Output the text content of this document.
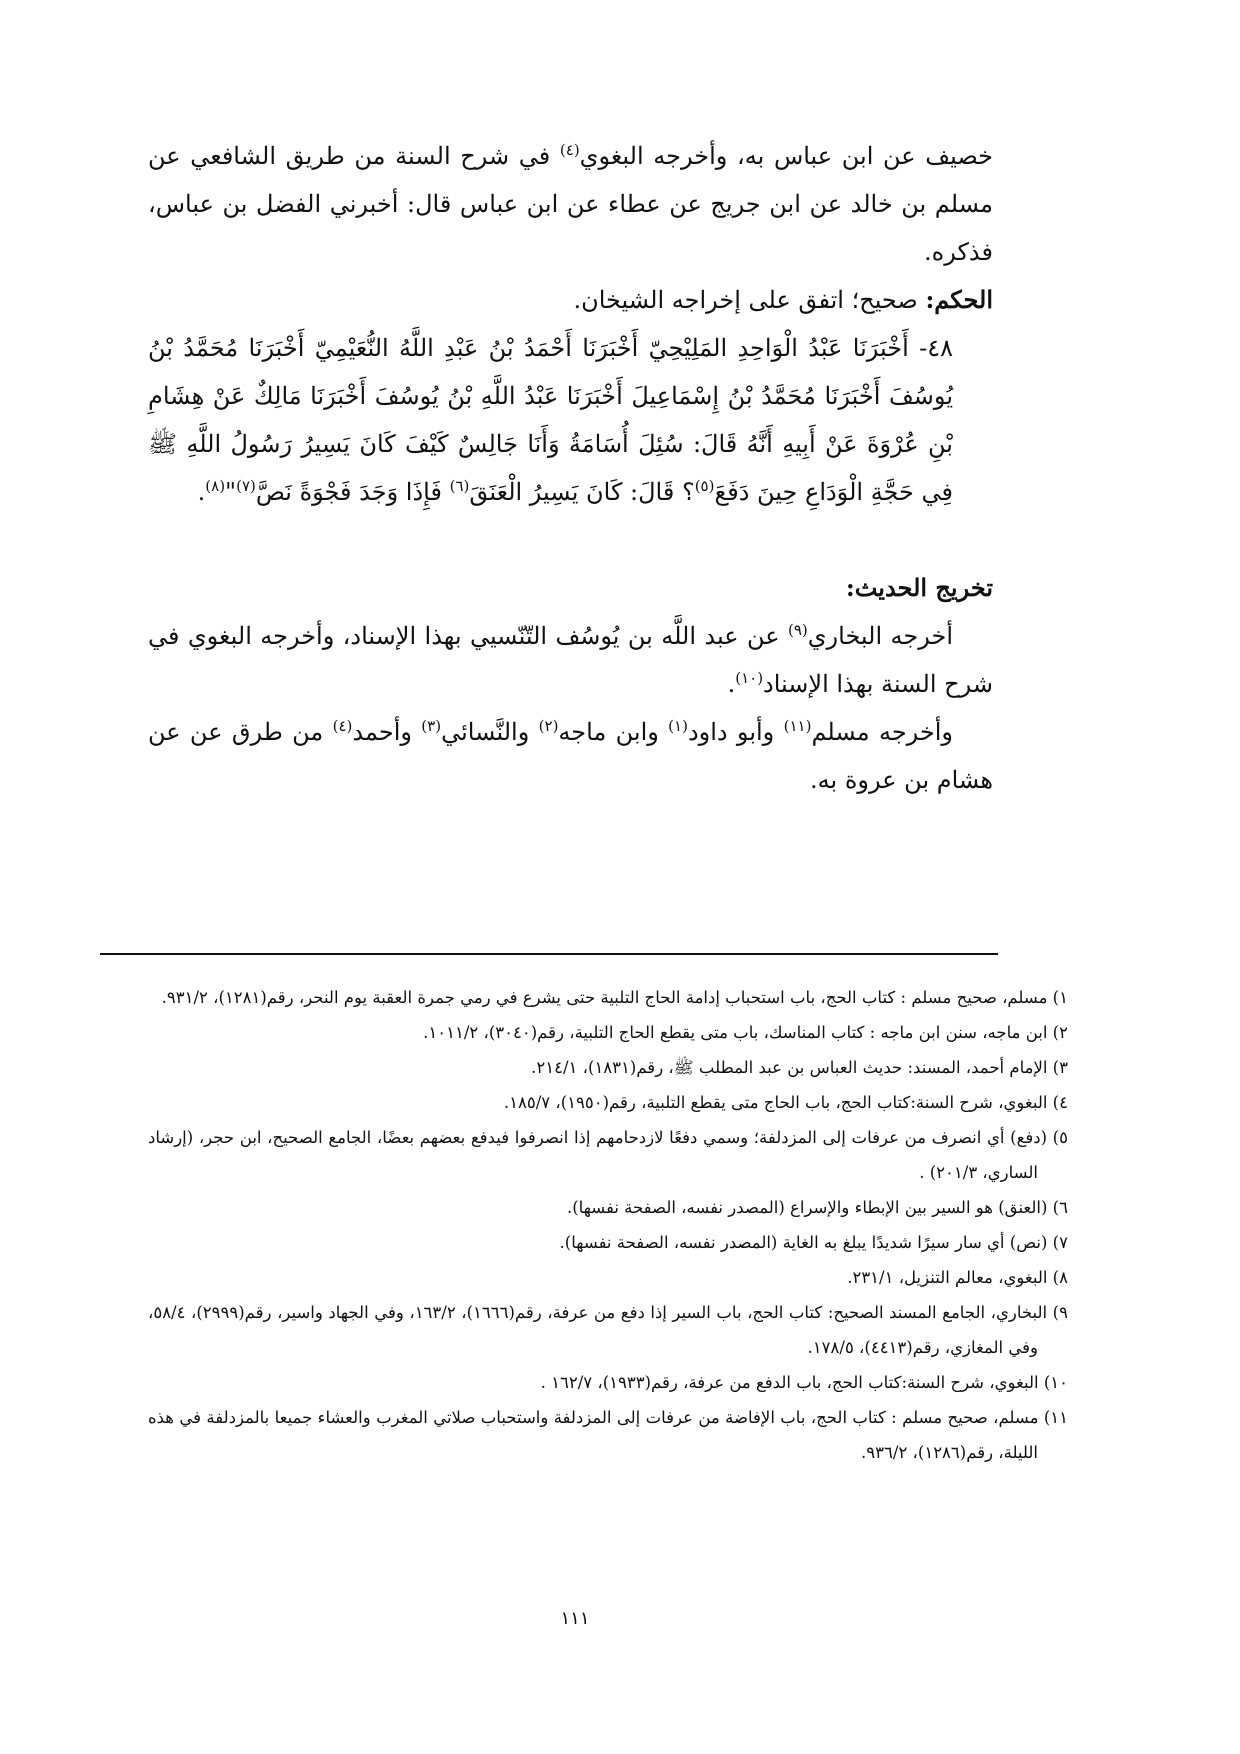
خصيف عن ابن عباس به، وأخرجه البغوي$^{(٤)}$ في شرح السنة من طريق الشافعي عن مسلم بن خالد عن ابن جريج عن عطاء عن ابن عباس قال: أخبرني الفضل بن عباس، فذكره.
الحكم: صحيح؛ اتفق على إخراجه الشيخان.
٤٨- أَخْبَرَنَا عَبْدُ الْوَاحِدِ المَلِيْحِيّ أَخْبَرَنَا أَحْمَدُ بْنُ عَبْدِ اللَّهُ النُّعَيْمِيّ أَخْبَرَنَا مُحَمَّدُ بْنُ يُوسُفَ أَخْبَرَنَا مُحَمَّدُ بْنُ إِسْمَاعِيلَ أَخْبَرَنَا عَبْدُ اللَّهِ بْنُ يُوسُفَ أَخْبَرَنَا مَالِكٌ عَنْ هِشَامِ بْنِ عُرْوَةَ عَنْ أَبِيهِ أَنَّهُ قَالَ: سُئِلَ أُسَامَةُ وَأَنَا جَالِسٌ كَيْفَ كَانَ يَسِيرُ رَسُولُ اللَّهِ ﷺ فِي حَجَّةِ الْوَدَاعِ حِينَ دَفَعَ$^{(٥)}$؟ قَالَ: كَانَ يَسِيرُ الْعَنَقَ$^{(٦)}$ فَإِذَا وَجَدَ فَجْوَةً نَصَّ$^{(٧)}$"$^{(٨)}$.
تخريج الحديث:
أخرجه البخاري$^{(٩)}$ عن عبد اللَّه بن يُوسُف التّنّسيي بهذا الإسناد، وأخرجه البغوي في شرح السنة بهذا الإسناد$^{(١٠)}$.
وأخرجه مسلم$^{(١١)}$ وأبو داود$^{(١)}$ وابن ماجه$^{(٢)}$ والنَّسائي$^{(٣)}$ وأحمد$^{(٤)}$ من طرق عن عن هشام بن عروة به.
١) مسلم، صحيح مسلم : كتاب الحج، باب استحباب إدامة الحاج التلبية حتى يشرع في رمي جمرة العقبة يوم النحر، رقم(١٢٨١)، ٩٣١/٢.
٢) ابن ماجه، سنن ابن ماجه : كتاب المناسك، باب متى يقطع الحاج التلبية، رقم(٣٠٤٠)، ١٠١١/٢.
٣) الإمام أحمد، المسند: حديث العباس بن عبد المطلب ﷺ، رقم(١٨٣١)، ٢١٤/١.
٤) البغوي، شرح السنة:كتاب الحج، باب الحاج متى يقطع التلبية، رقم(١٩٥٠)، ١٨٥/٧.
٥) (دفع) أي انصرف من عرفات إلى المزدلفة؛ وسمي دفعًا لازدحامهم إذا انصرفوا فيدفع بعضهم بعضًا، الجامع الصحيح، ابن حجر، (إرشاد الساري، ٢٠١/٣) .
٦) (العنق) هو السير بين الإبطاء والإسراع (المصدر نفسه، الصفحة نفسها).
٧) (نص) أي سار سيرًا شديدًا يبلغ به الغاية (المصدر نفسه، الصفحة نفسها).
٨) البغوي، معالم التنزيل، ٢٣١/١.
٩) البخاري، الجامع المسند الصحيح: كتاب الحج، باب السير إذا دفع من عرفة، رقم(١٦٦٦)، ١٦٣/٢، وفي الجهاد واسير، رقم(٢٩٩٩)، ٥٨/٤، وفي المغازي، رقم(٤٤١٣)، ١٧٨/٥.
١٠) البغوي، شرح السنة:كتاب الحج، باب الدفع من عرفة، رقم(١٩٣٣)، ١٦٢/٧ .
١١) مسلم، صحيح مسلم : كتاب الحج، باب الإفاضة من عرفات إلى المزدلفة واستحباب صلاتي المغرب والعشاء جميعا بالمزدلفة في هذه الليلة، رقم(١٢٨٦)، ٩٣٦/٢.
١١١
